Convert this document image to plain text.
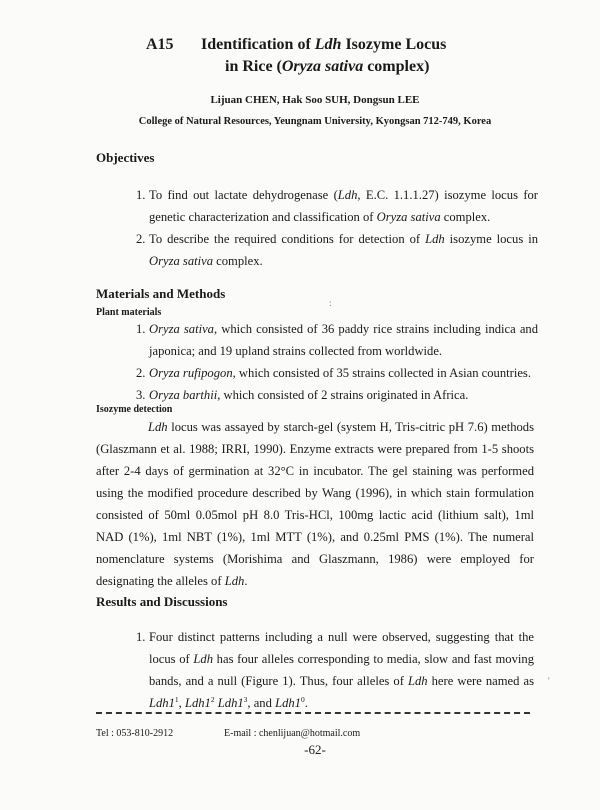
A15 Identification of Ldh Isozyme Locus
in Rice (Oryza sativa complex)
Lijuan CHEN, Hak Soo SUH, Dongsun LEE
College of Natural Resources, Yeungnam University, Kyongsan 712-749, Korea
Objectives
1. To find out lactate dehydrogenase (Ldh, E.C. 1.1.1.27) isozyme locus for genetic characterization and classification of Oryza sativa complex.
2. To describe the required conditions for detection of Ldh isozyme locus in Oryza sativa complex.
:
Materials and Methods
Plant materials
1. Oryza sativa, which consisted of 36 paddy rice strains including indica and japonica; and 19 upland strains collected from worldwide.
2. Oryza rufipogon, which consisted of 35 strains collected in Asian countries.
3. Oryza barthii, which consisted of 2 strains originated in Africa.
Isozyme detection
Ldh locus was assayed by starch-gel (system H, Tris-citric pH 7.6) methods (Glaszmann et al. 1988; IRRI, 1990). Enzyme extracts were prepared from 1-5 shoots after 2-4 days of germination at 32°C in incubator. The gel staining was performed using the modified procedure described by Wang (1996), in which stain formulation consisted of 50ml 0.05mol pH 8.0 Tris-HCl, 100mg lactic acid (lithium salt), 1ml NAD (1%), 1ml NBT (1%), 1ml MTT (1%), and 0.25ml PMS (1%). The numeral nomenclature systems (Morishima and Glaszmann, 1986) were employed for designating the alleles of Ldh.
Results and Discussions
1. Four distinct patterns including a null were observed, suggesting that the locus of Ldh has four alleles corresponding to media, slow and fast moving bands, and a null (Figure 1). Thus, four alleles of Ldh here were named as $Ldh1^1$, $Ldh1^2$ $Ldh1^3$, and $Ldh1^0$.
'
Tel : 053-810-2912	E-mail : chenlijuan@hotmail.com
-62-
